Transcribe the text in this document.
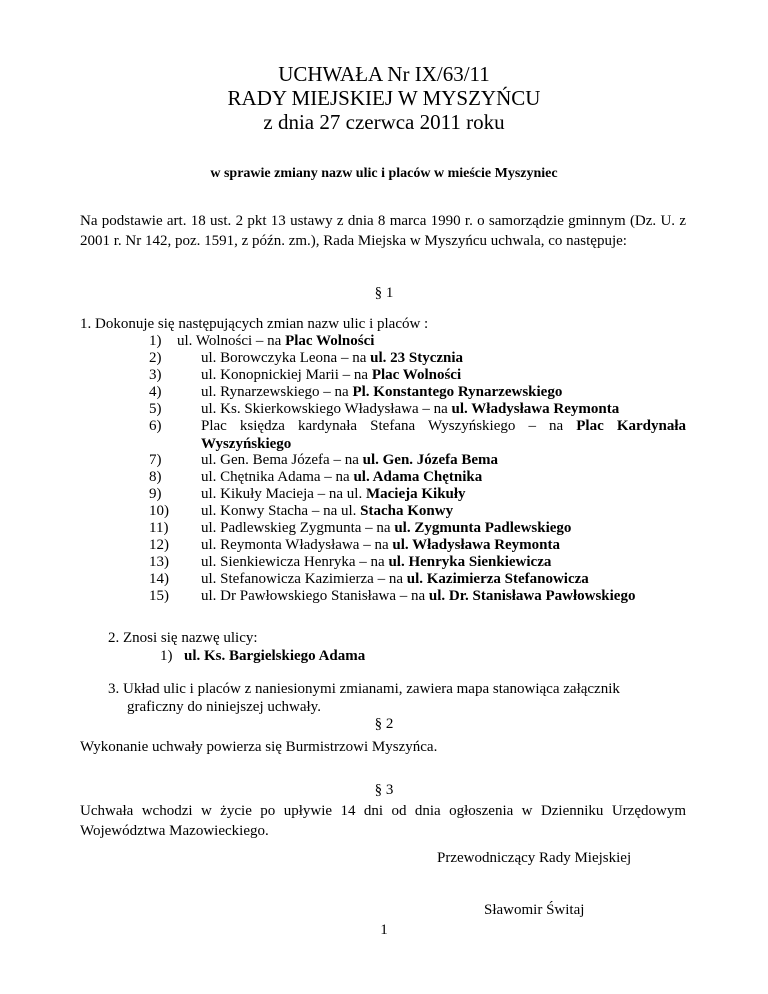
UCHWAŁA Nr IX/63/11
RADY MIEJSKIEJ W MYSZYŃCU
z dnia 27 czerwca 2011 roku
w sprawie zmiany nazw ulic i placów w mieście Myszyniec
Na podstawie art. 18 ust. 2 pkt 13 ustawy z dnia 8 marca 1990 r. o samorządzie gminnym (Dz. U. z 2001 r. Nr 142, poz. 1591, z późn. zm.), Rada Miejska w Myszyńcu uchwala, co następuje:
§ 1
1. Dokonuje się następujących zmian nazw ulic i placów :
1)	ul. Wolności – na Plac Wolności
2)	ul. Borowczyka Leona – na ul. 23 Stycznia
3)	ul. Konopnickiej Marii – na Plac Wolności
4)	ul. Rynarzewskiego – na Pl. Konstantego Rynarzewskiego
5)	ul. Ks. Skierkowskiego Władysława – na ul. Władysława Reymonta
6)	Plac księdza kardynała Stefana Wyszyńskiego – na Plac Kardynała Wyszyńskiego
7)	ul. Gen. Bema Józefa – na ul. Gen. Józefa Bema
8)	ul. Chętnika Adama – na ul. Adama Chętnika
9)	ul. Kikuły Macieja – na ul. Macieja Kikuły
10)	ul. Konwy Stacha – na ul. Stacha Konwy
11)	ul. Padlewskieg Zygmunta – na ul. Zygmunta Padlewskiego
12)	ul. Reymonta Władysława – na ul. Władysława Reymonta
13)	ul. Sienkiewicza Henryka – na ul. Henryka Sienkiewicza
14)	ul. Stefanowicza Kazimierza – na ul. Kazimierza Stefanowicza
15)	ul. Dr Pawłowskiego Stanisława – na ul. Dr. Stanisława Pawłowskiego
2. Znosi się nazwę ulicy:
1) ul. Ks. Bargielskiego Adama
3. Układ ulic i placów z naniesionymi zmianami, zawiera mapa stanowiąca załącznik
graficzny do niniejszej uchwały.
§ 2
Wykonanie uchwały powierza się Burmistrzowi Myszyńca.
§ 3
Uchwała wchodzi w życie po upływie 14 dni od dnia ogłoszenia w Dzienniku Urzędowym Województwa Mazowieckiego.
Przewodniczący Rady Miejskiej
Sławomir Świtaj
1
